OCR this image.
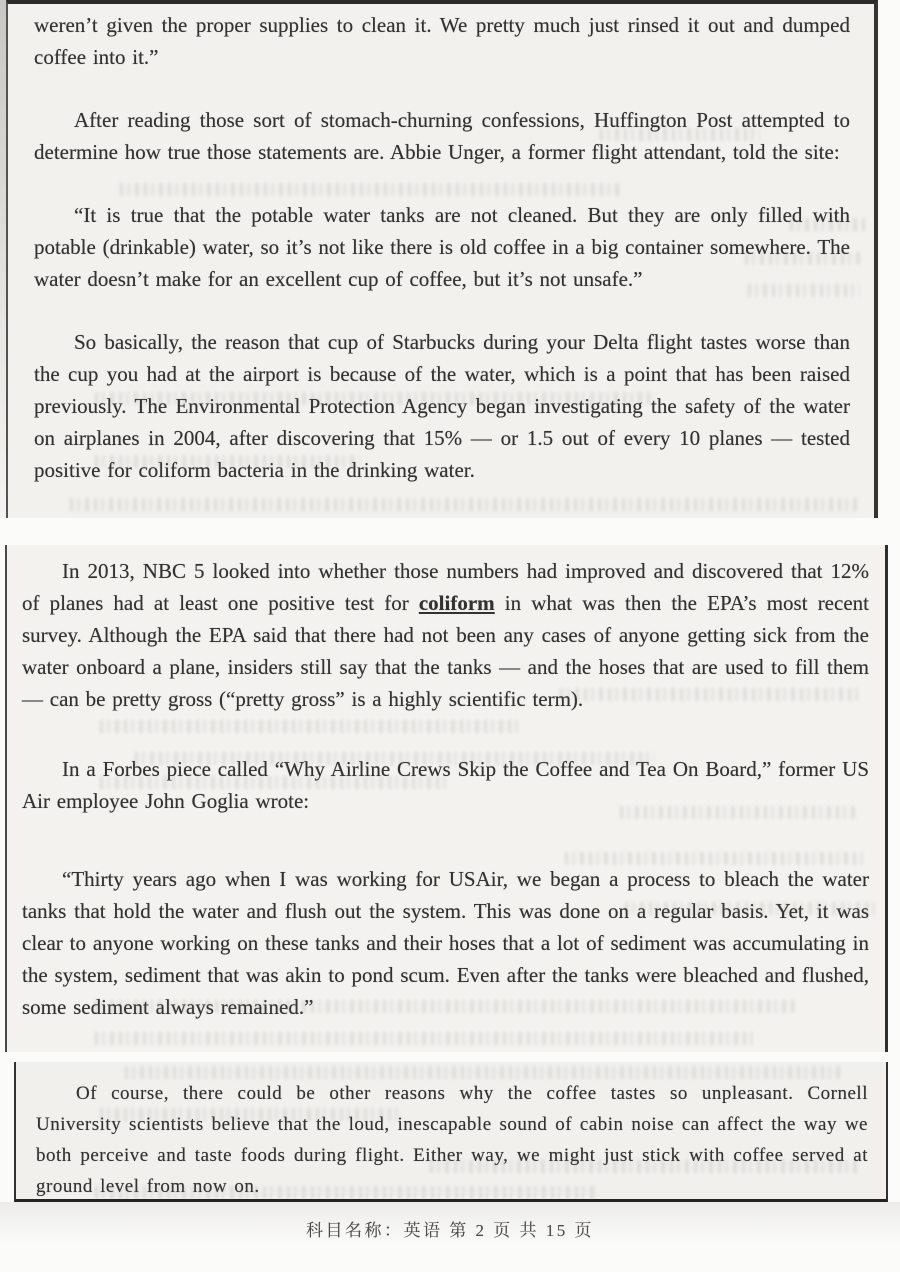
weren’t given the proper supplies to clean it. We pretty much just rinsed it out and dumped coffee into it.”

After reading those sort of stomach-churning confessions, Huffington Post attempted to determine how true those statements are. Abbie Unger, a former flight attendant, told the site:

“It is true that the potable water tanks are not cleaned. But they are only filled with potable (drinkable) water, so it’s not like there is old coffee in a big container somewhere. The water doesn’t make for an excellent cup of coffee, but it’s not unsafe.”

So basically, the reason that cup of Starbucks during your Delta flight tastes worse than the cup you had at the airport is because of the water, which is a point that has been raised previously. The Environmental Protection Agency began investigating the safety of the water on airplanes in 2004, after discovering that 15% — or 1.5 out of every 10 planes — tested positive for coliform bacteria in the drinking water.

In 2013, NBC 5 looked into whether those numbers had improved and discovered that 12% of planes had at least one positive test for coliform in what was then the EPA’s most recent survey. Although the EPA said that there had not been any cases of anyone getting sick from the water onboard a plane, insiders still say that the tanks — and the hoses that are used to fill them — can be pretty gross (“pretty gross” is a highly scientific term).

In a Forbes piece called “Why Airline Crews Skip the Coffee and Tea On Board,” former US Air employee John Goglia wrote:

“Thirty years ago when I was working for USAir, we began a process to bleach the water tanks that hold the water and flush out the system. This was done on a regular basis. Yet, it was clear to anyone working on these tanks and their hoses that a lot of sediment was accumulating in the system, sediment that was akin to pond scum. Even after the tanks were bleached and flushed, some sediment always remained.”

Of course, there could be other reasons why the coffee tastes so unpleasant. Cornell University scientists believe that the loud, inescapable sound of cabin noise can affect the way we both perceive and taste foods during flight. Either way, we might just stick with coffee served at ground level from now on.

科目名称：英语 第 2 页 共 15 页
